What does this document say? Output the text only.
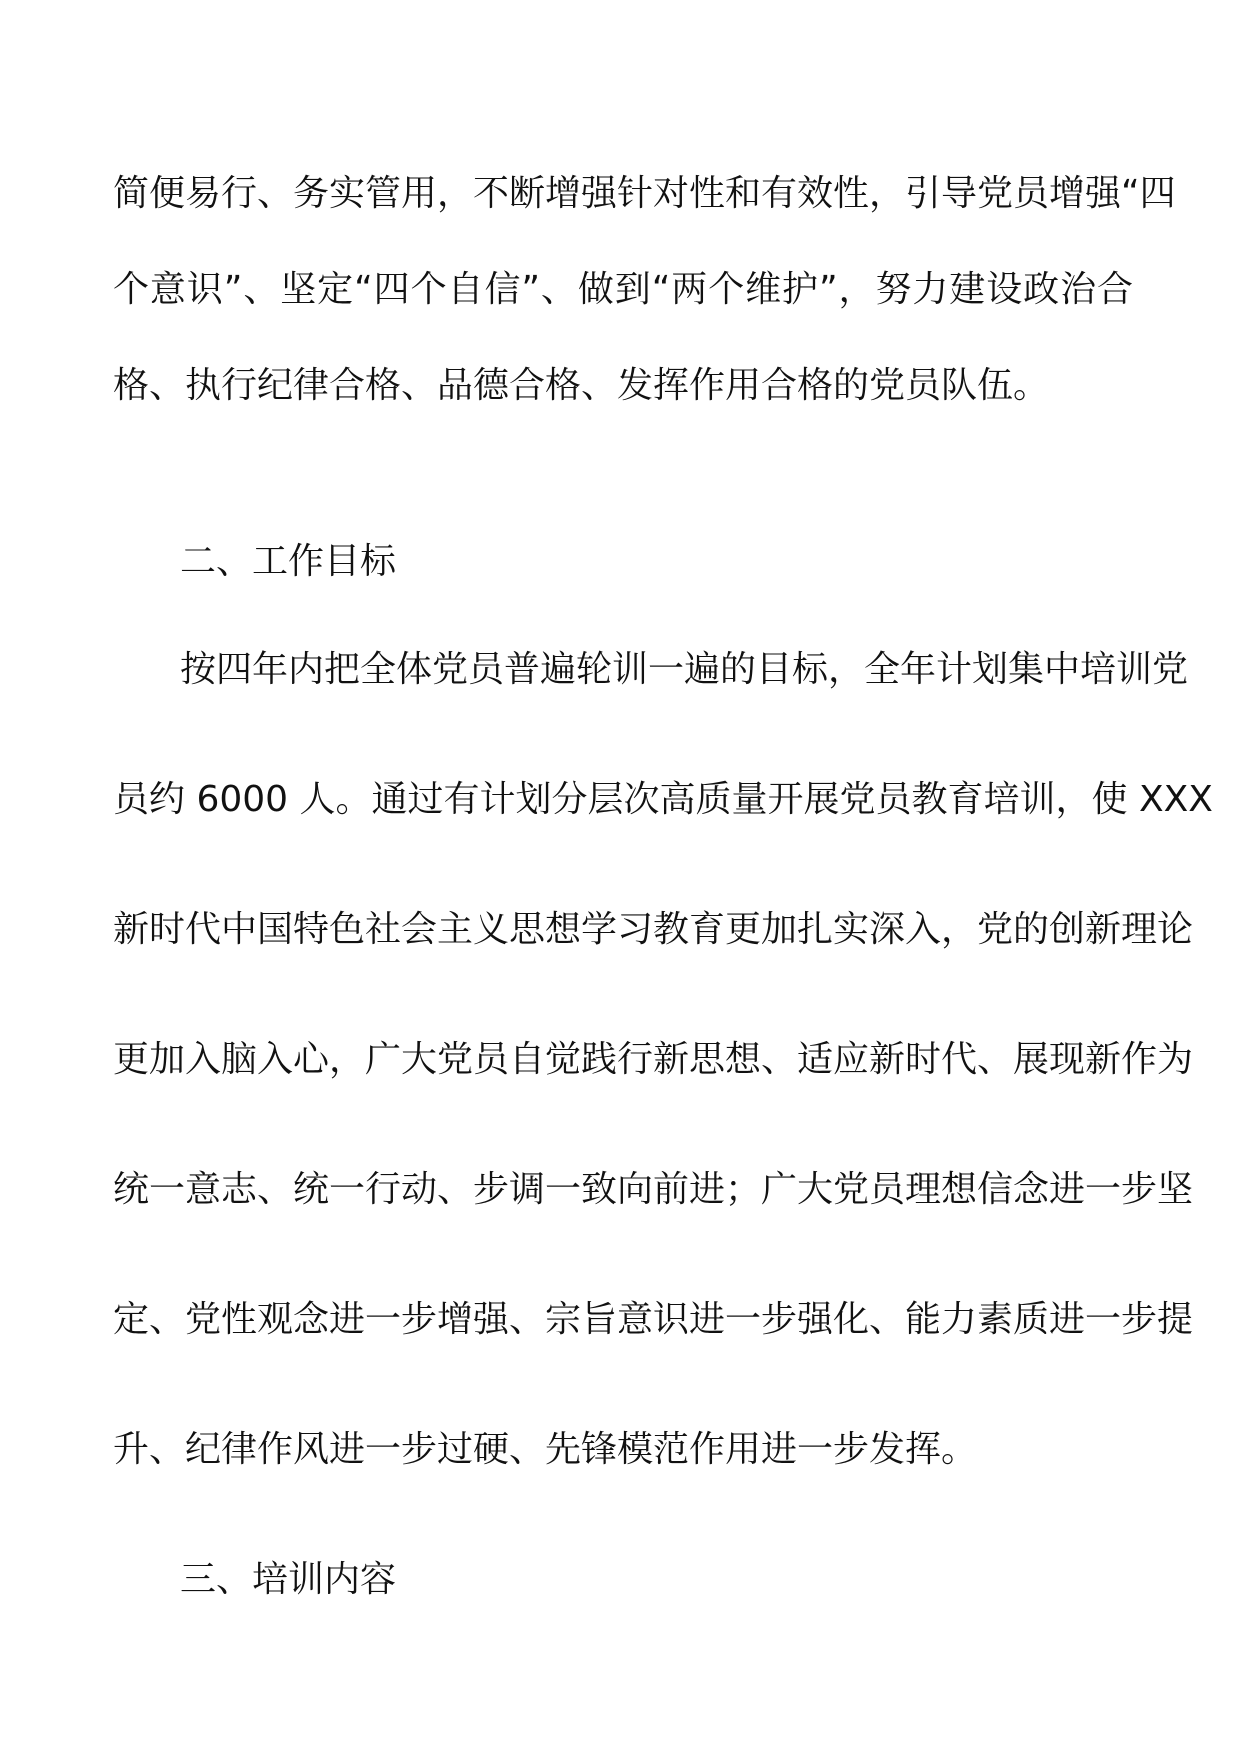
简便易行、务实管用，不断增强针对性和有效性，引导党员增强“四
个意识”、坚定“四个自信”、做到“两个维护”，努力建设政治合
格、执行纪律合格、品德合格、发挥作用合格的党员队伍。
二、工作目标
按四年内把全体党员普遍轮训一遍的目标，全年计划集中培训党
员约 6000 人。通过有计划分层次高质量开展党员教育培训，使 XXX
新时代中国特色社会主义思想学习教育更加扎实深入，党的创新理论
更加入脑入心，广大党员自觉践行新思想、适应新时代、展现新作为
统一意志、统一行动、步调一致向前进；广大党员理想信念进一步坚
定、党性观念进一步增强、宗旨意识进一步强化、能力素质进一步提
升、纪律作风进一步过硬、先锋模范作用进一步发挥。
三、培训内容
